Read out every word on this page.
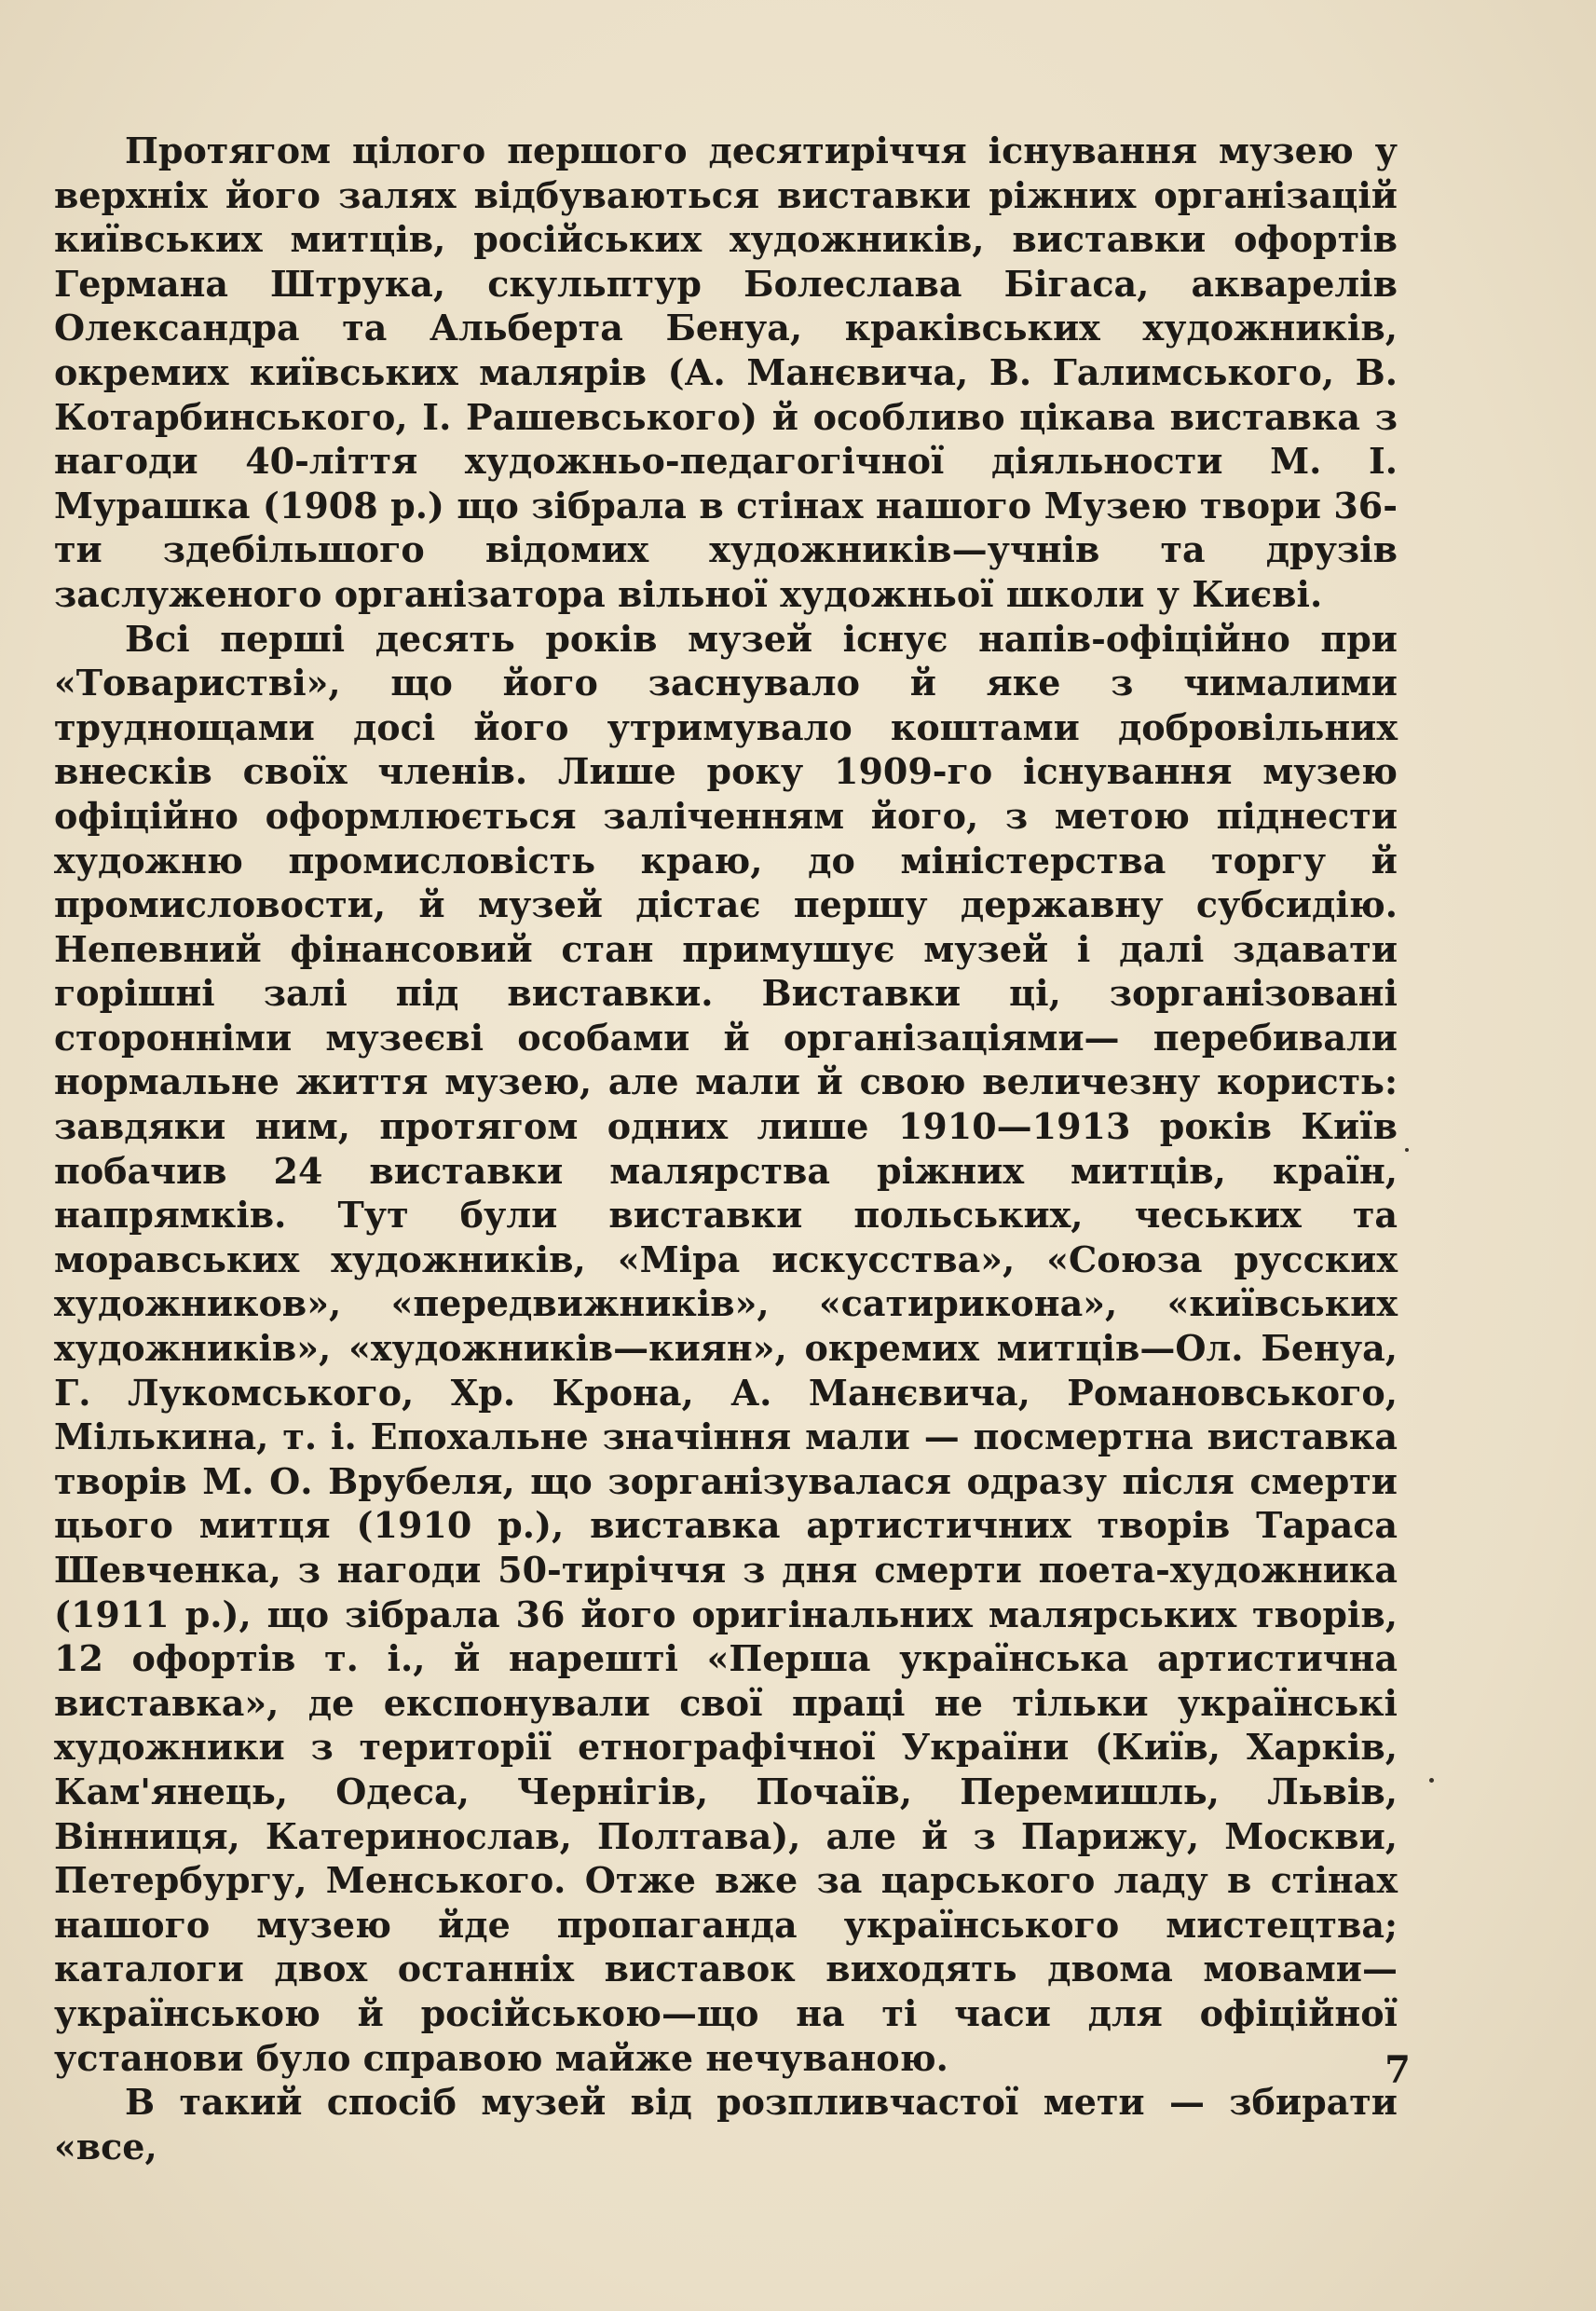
Протягом цілого першого десятиріччя існування музею у верхніх його залях відбуваються виставки ріжних організацій київських митців, російських художників, виставки офортів Германа Штрука, скульптур Болеслава Бігаса, акварелів Олександра та Альберта Бенуа, краківських художників, окремих київських малярів (А. Манєвича, В. Галимського, В. Котарбинського, І. Рашевського) й особливо цікава виставка з нагоди 40-ліття художньо-педагогічної діяльности М. І. Мурашка (1908 р.) що зібрала в стінах нашого Музею твори 36-ти здебільшого відомих художників—учнів та друзів заслуженого організатора вільної художньої школи у Києві.

Всі перші десять років музей існує напів-офіційно при «Товаристві», що його заснувало й яке з чималими труднощами досі його утримувало коштами добровільних внесків своїх членів. Лише року 1909-го існування музею офіційно оформлюється заліченням його, з метою піднести художню промисловість краю, до міністерства торгу й промисловости, й музей дістає першу державну субсидію. Непевний фінансовий стан примушує музей і далі здавати горішні залі під виставки. Виставки ці, зорганізовані сторонніми музеєві особами й організаціями— перебивали нормальне життя музею, але мали й свою величезну користь: завдяки ним, протягом одних лише 1910—1913 років Київ побачив 24 виставки малярства ріжних митців, країн, напрямків. Тут були виставки польських, чеських та моравських художників, «Міра искусства», «Союза русских художников», «передвижників», «сатирикона», «київських художників», «художників—киян», окремих митців—Ол. Бенуа, Г. Лукомського, Хр. Крона, А. Манєвича, Романовського, Мількина, т. і. Епохальне значіння мали — посмертна виставка творів М. О. Врубеля, що зорганізувалася одразу після смерти цього митця (1910 р.), виставка артистичних творів Тараса Шевченка, з нагоди 50-тиріччя з дня смерти поета-художника (1911 р.), що зібрала 36 його оригінальних малярських творів, 12 офортів т. і., й нарешті «Перша українська артистична виставка», де експонували свої праці не тільки українські художники з території етнографічної України (Київ, Харків, Кам'янець, Одеса, Чернігів, Почаїв, Перемишль, Львів, Вінниця, Катеринослав, Полтава), але й з Парижу, Москви, Петербургу, Менського. Отже вже за царського ладу в стінах нашого музею йде пропаганда українського мистецтва; каталоги двох останніх виставок виходять двома мовами—українською й російською—що на ті часи для офіційної установи було справою майже нечуваною.

В такий спосіб музей від розпливчастої мети — збирати «все,

7
